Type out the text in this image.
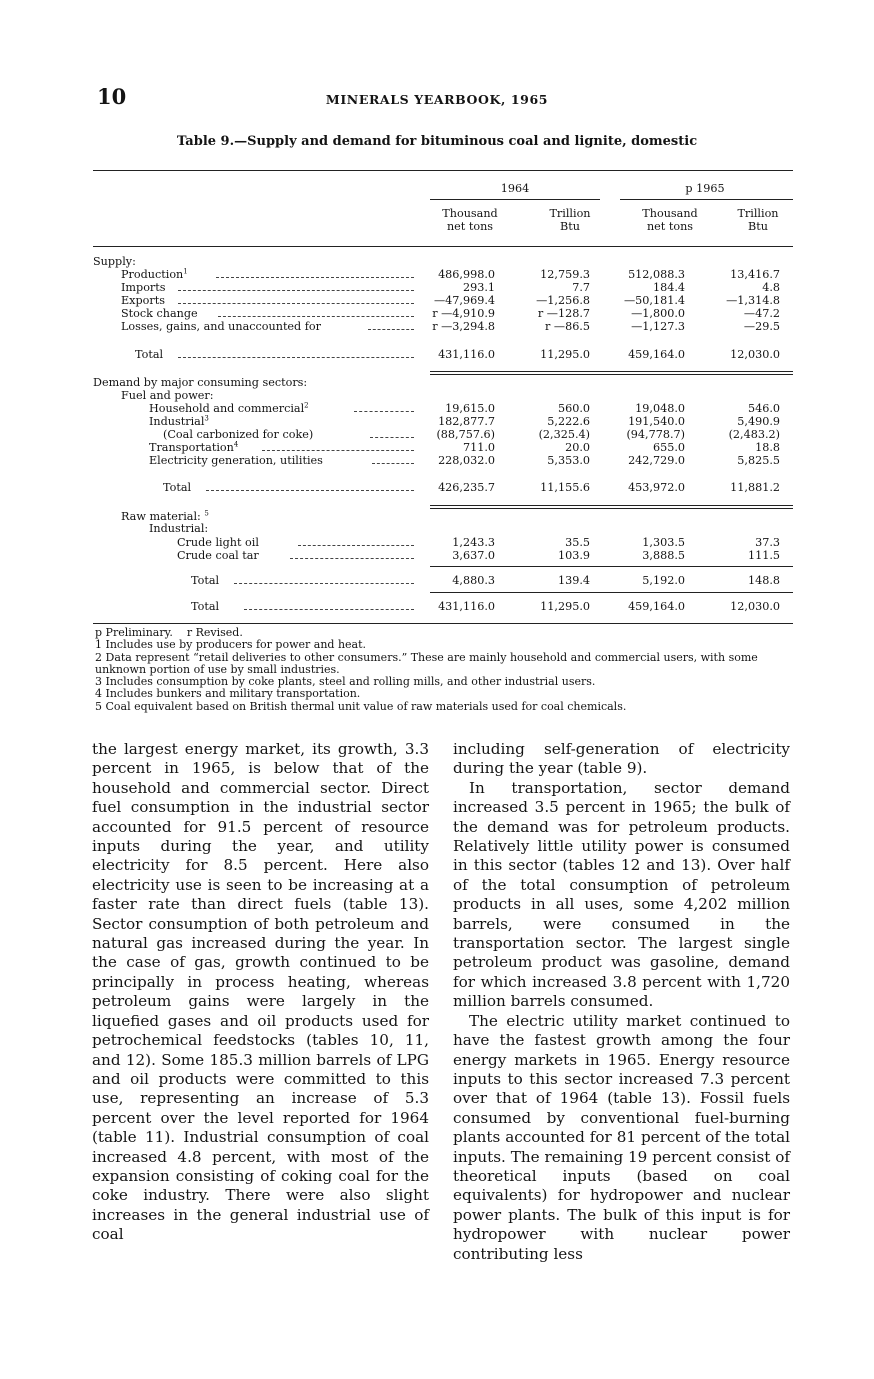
10	MINERALS YEARBOOK, 1965
Table 9.—Supply and demand for bituminous coal and lignite, domestic
1964	p 1965
Thousand
net tons
Trillion
Btu
Thousand
net tons
Trillion
Btu
Supply:
Production$^1$	486,998.0	12,759.3	512,088.3	13,416.7
Imports	293.1	7.7	184.4	4.8
Exports	—47,969.4	—1,256.8	—50,181.4	—1,314.8
Stock change	r —4,910.9	r —128.7	—1,800.0	—47.2
Losses, gains, and unaccounted for	r —3,294.8	r —86.5	—1,127.3	—29.5
Total	431,116.0	11,295.0	459,164.0	12,030.0
Demand by major consuming sectors:
Fuel and power:
Household and commercial$^2$	19,615.0	560.0	19,048.0	546.0
Industrial$^3$	182,877.7	5,222.6	191,540.0	5,490.9
(Coal carbonized for coke)	(88,757.6)	(2,325.4)	(94,778.7)	(2,483.2)
Transportation$^4$	711.0	20.0	655.0	18.8
Electricity generation, utilities	228,032.0	5,353.0	242,729.0	5,825.5
Total	426,235.7	11,155.6	453,972.0	11,881.2
Raw material: $^5$
Industrial:
Crude light oil	1,243.3	35.5	1,303.5	37.3
Crude coal tar	3,637.0	103.9	3,888.5	111.5
Total	4,880.3	139.4	5,192.0	148.8
Total	431,116.0	11,295.0	459,164.0	12,030.0
p Preliminary. r Revised.
1 Includes use by producers for power and heat.
2 Data represent “retail deliveries to other consumers.” These are mainly household and commercial users, with some unknown portion of use by small industries.
3 Includes consumption by coke plants, steel and rolling mills, and other industrial users.
4 Includes bunkers and military transportation.
5 Coal equivalent based on British thermal unit value of raw materials used for coal chemicals.

the largest energy market, its growth, 3.3 percent in 1965, is below that of the household and commercial sector. Direct fuel consumption in the industrial sector accounted for 91.5 percent of resource inputs during the year, and utility electricity for 8.5 percent. Here also electricity use is seen to be increasing at a faster rate than direct fuels (table 13). Sector consumption of both petroleum and natural gas increased during the year. In the case of gas, growth continued to be principally in process heating, whereas petroleum gains were largely in the liquefied gases and oil products used for petrochemical feedstocks (tables 10, 11, and 12). Some 185.3 million barrels of LPG and oil products were committed to this use, representing an increase of 5.3 percent over the level reported for 1964 (table 11). Industrial consumption of coal increased 4.8 percent, with most of the expansion consisting of coking coal for the coke industry. There were also slight increases in the general industrial use of coal

including self-generation of electricity during the year (table 9).

In transportation, sector demand increased 3.5 percent in 1965; the bulk of the demand was for petroleum products. Relatively little utility power is consumed in this sector (tables 12 and 13). Over half of the total consumption of petroleum products in all uses, some 4,202 million barrels, were consumed in the transportation sector. The largest single petroleum product was gasoline, demand for which increased 3.8 percent with 1,720 million barrels consumed.

The electric utility market continued to have the fastest growth among the four energy markets in 1965. Energy resource inputs to this sector increased 7.3 percent over that of 1964 (table 13). Fossil fuels consumed by conventional fuel-burning plants accounted for 81 percent of the total inputs. The remaining 19 percent consist of theoretical inputs (based on coal equivalents) for hydropower and nuclear power plants. The bulk of this input is for hydropower with nuclear power contributing less
